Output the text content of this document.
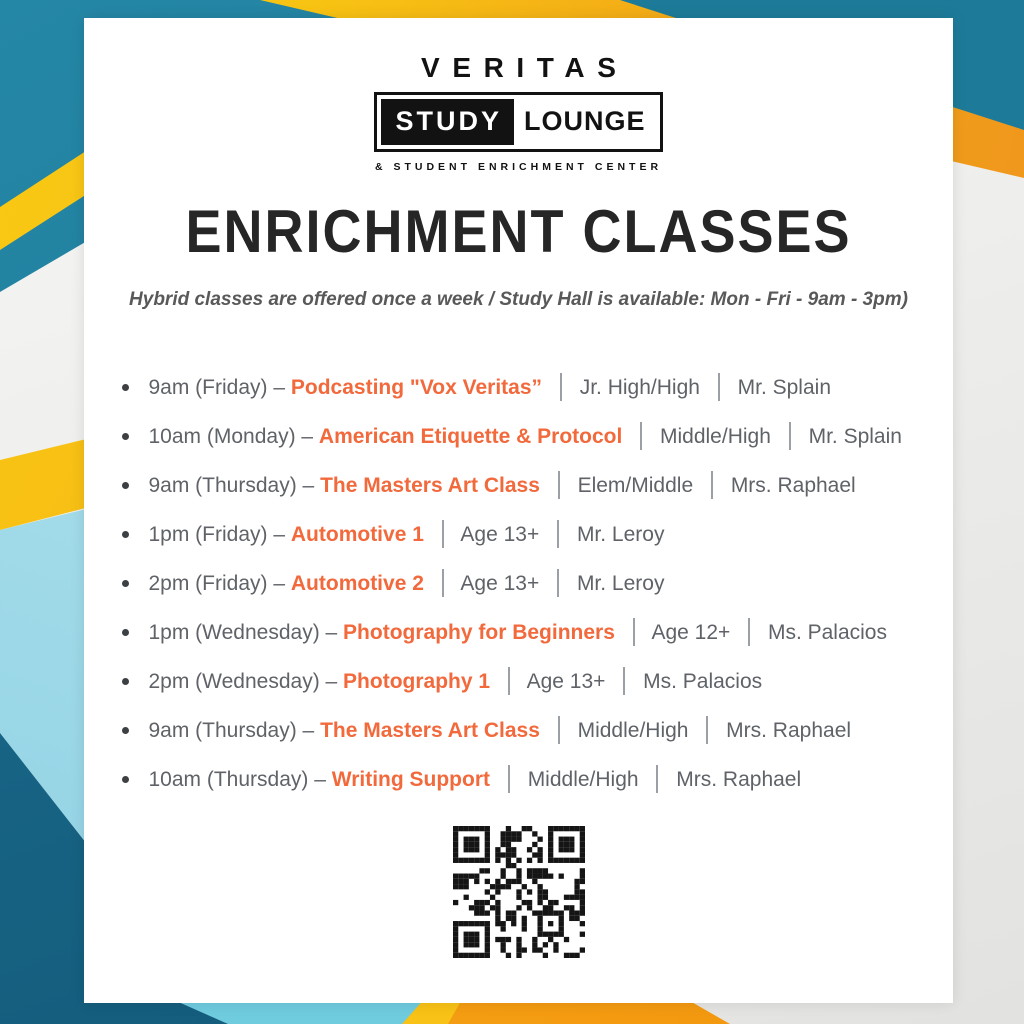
VERITAS
STUDY LOUNGE
& STUDENT ENRICHMENT CENTER
ENRICHMENT CLASSES
Hybrid classes are offered once a week / Study Hall is available: Mon - Fri - 9am - 3pm)
9am (Friday) – Podcasting "Vox Veritas” Jr. High/High Mr. Splain
10am (Monday) – American Etiquette & Protocol Middle/High Mr. Splain
9am (Thursday) – The Masters Art Class Elem/Middle Mrs. Raphael
1pm (Friday) – Automotive 1 Age 13+ Mr. Leroy
2pm (Friday) – Automotive 2 Age 13+ Mr. Leroy
1pm (Wednesday) – Photography for Beginners Age 12+ Ms. Palacios
2pm (Wednesday) – Photography 1 Age 13+ Ms. Palacios
9am (Thursday) – The Masters Art Class Middle/High Mrs. Raphael
10am (Thursday) – Writing Support Middle/High Mrs. Raphael
